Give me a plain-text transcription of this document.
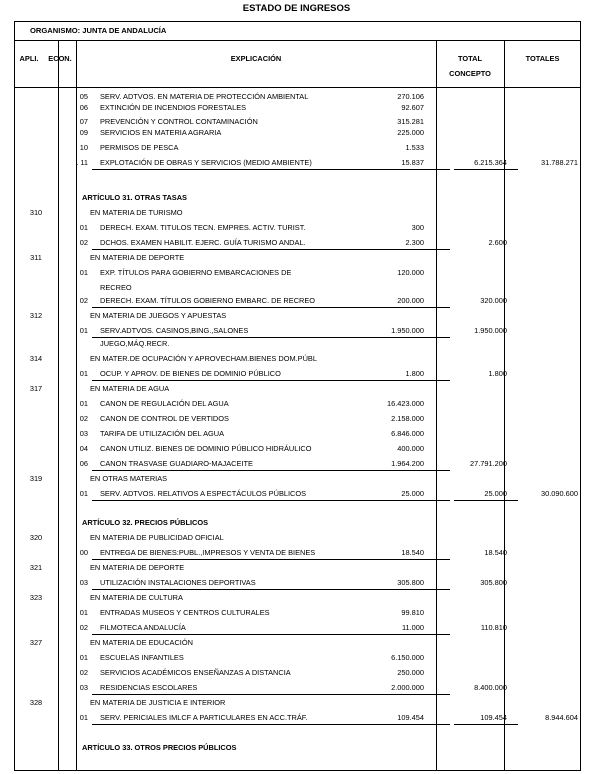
ESTADO DE INGRESOS
ORGANISMO: JUNTA DE ANDALUCÍA
APLI.	ECON.	EXPLICACIÓN	TOTAL
CONCEPTO
TOTALES
. 05 SERV. ADTVOS. EN MATERIA DE PROTECCIÓN AMBIENTAL	270.106
. 06 EXTINCIÓN DE INCENDIOS FORESTALES	92.607
. 07 PREVENCIÓN Y CONTROL CONTAMINACIÓN	315.281
. 09 SERVICIOS EN MATERIA AGRARIA	225.000
. 10 PERMISOS DE PESCA	1.533
. 11 EXPLOTACIÓN DE OBRAS Y SERVICIOS (MEDIO AMBIENTE)	15.837	6.215.364	31.788.271
ARTÍCULO 31. OTRAS TASAS
310	EN MATERIA DE TURISMO
. 01 DERECH. EXAM. TITULOS TECN. EMPRES. ACTIV. TURIST.	300
. 02 DCHOS. EXAMEN HABILIT. EJERC. GUÍA TURISMO ANDAL.	2.300	2.600
311	EN MATERIA DE DEPORTE
. 01 EXP. TÍTULOS PARA GOBIERNO EMBARCACIONES DE	120.000
RECREO
. 02 DERECH. EXAM. TÍTULOS GOBIERNO EMBARC. DE RECREO	200.000	320.000
312	EN MATERIA DE JUEGOS Y APUESTAS
. 01 SERV.ADTVOS. CASINOS,BING.,SALONES	1.950.000	1.950.000
JUEGO,MÁQ.RECR.
314	EN MATER.DE OCUPACIÓN Y APROVECHAM.BIENES DOM.PÚBL
. 01 OCUP. Y APROV. DE BIENES DE DOMINIO PÚBLICO	1.800	1.800
317	EN MATERIA DE AGUA
. 01 CANON DE REGULACIÓN DEL AGUA	16.423.000
. 02 CANON DE CONTROL DE VERTIDOS	2.158.000
. 03 TARIFA DE UTILIZACIÓN DEL AGUA	6.846.000
. 04 CANON UTILIZ. BIENES DE DOMINIO PÚBLICO HIDRÁULICO	400.000
. 06 CANON TRASVASE GUADIARO-MAJACEITE	1.964.200	27.791.200
319	EN OTRAS MATERIAS
. 01 SERV. ADTVOS. RELATIVOS A ESPECTÁCULOS PÚBLICOS	25.000	25.000	30.090.600
ARTÍCULO 32. PRECIOS PÚBLICOS
320	EN MATERIA DE PUBLICIDAD OFICIAL
. 00 ENTREGA DE BIENES:PUBL.,IMPRESOS Y VENTA DE BIENES	18.540	18.540
321	EN MATERIA DE DEPORTE
. 03 UTILIZACIÓN INSTALACIONES DEPORTIVAS	305.800	305.800
323	EN MATERIA DE CULTURA
. 01 ENTRADAS MUSEOS Y CENTROS CULTURALES	99.810
. 02 FILMOTECA ANDALUCÍA	11.000	110.810
327	EN MATERIA DE EDUCACIÓN
. 01 ESCUELAS INFANTILES	6.150.000
. 02 SERVICIOS ACADÉMICOS ENSEÑANZAS A DISTANCIA	250.000
. 03 RESIDENCIAS ESCOLARES	2.000.000	8.400.000
328	EN MATERIA DE JUSTICIA E INTERIOR
. 01 SERV. PERICIALES IMLCF A PARTICULARES EN ACC.TRÁF.	109.454	109.454	8.944.604
ARTÍCULO 33. OTROS PRECIOS PÚBLICOS
